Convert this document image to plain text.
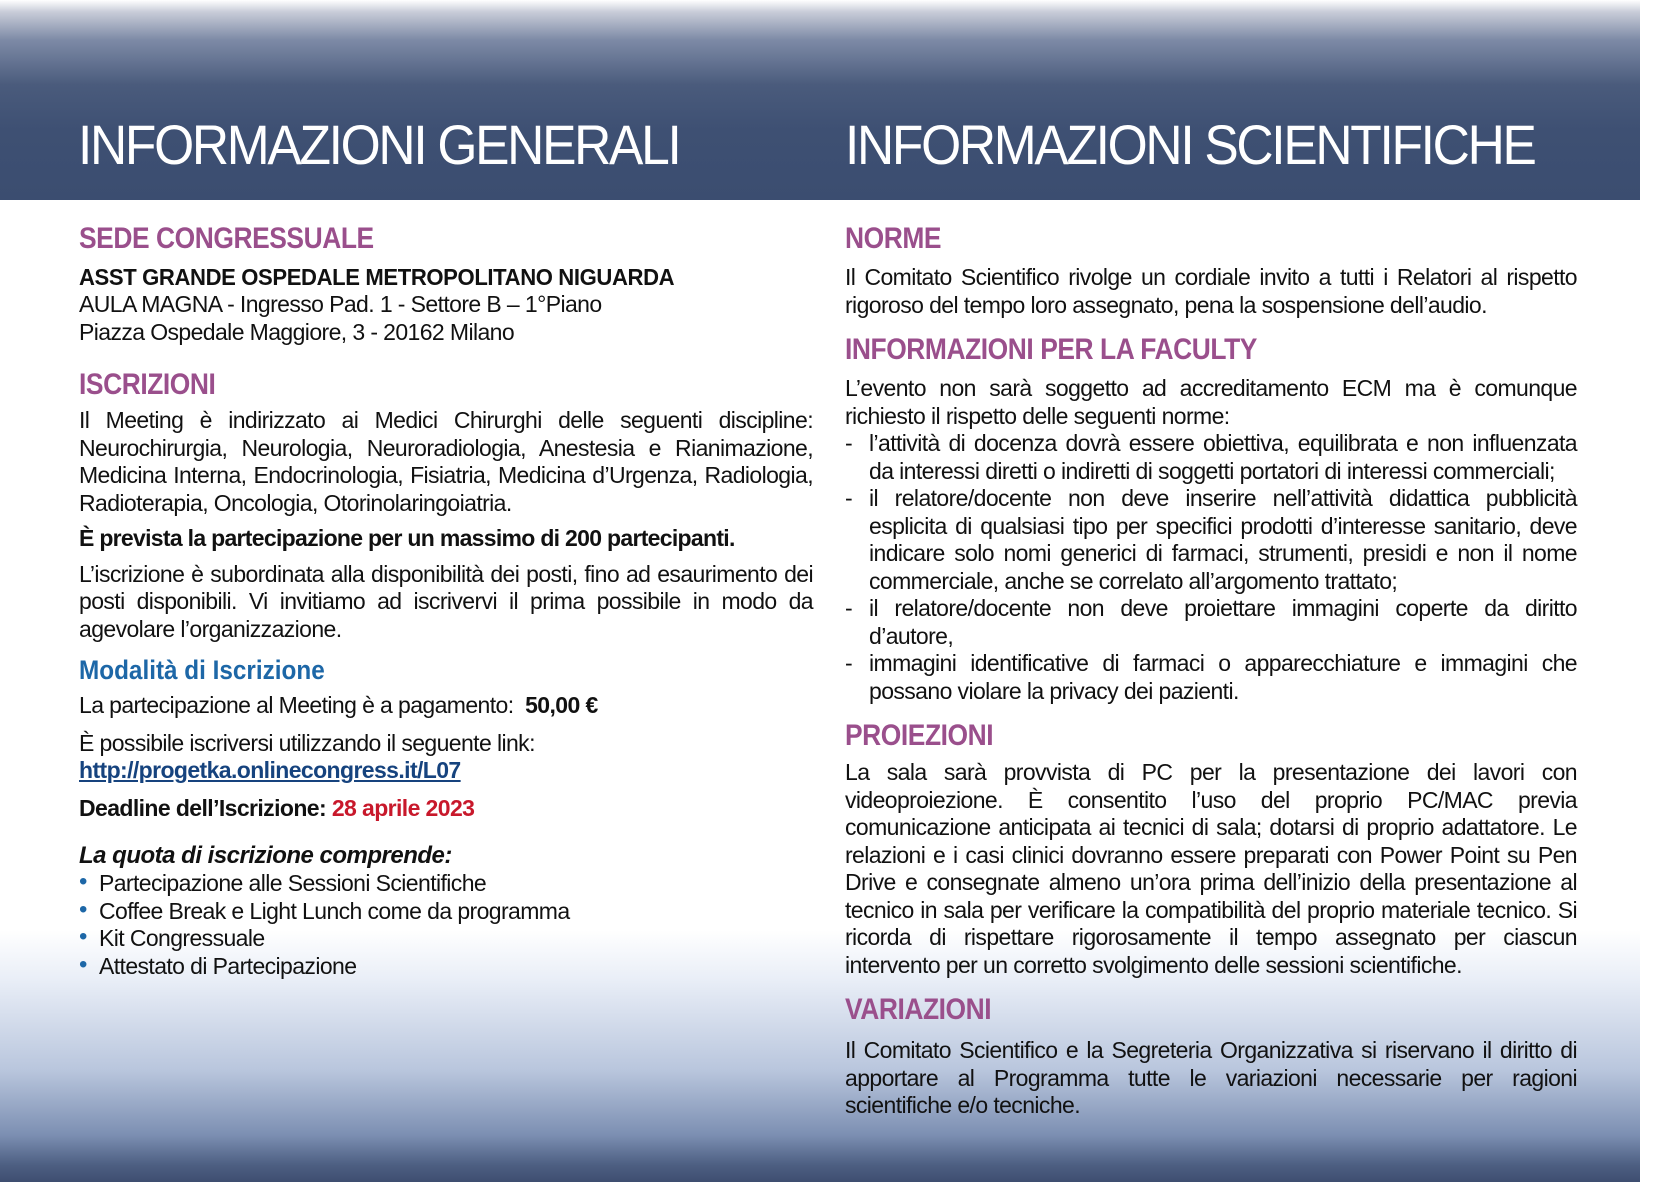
INFORMAZIONI GENERALI	INFORMAZIONI SCIENTIFICHE
SEDE CONGRESSUALE
ASST GRANDE OSPEDALE METROPOLITANO NIGUARDA
AULA MAGNA - Ingresso Pad. 1 - Settore B – 1°Piano
Piazza Ospedale Maggiore, 3 - 20162 Milano
ISCRIZIONI

Il Meeting è indirizzato ai Medici Chirurghi delle seguenti discipline: Neurochirurgia, Neurologia, Neuroradiologia, Anestesia e Rianimazione, Medicina Interna, Endocrinologia, Fisiatria, Medicina d’Urgenza, Radiologia, Radioterapia, Oncologia, Otorinolaringoiatria.

È prevista la partecipazione per un massimo di 200 partecipanti.

L’iscrizione è subordinata alla disponibilità dei posti, fino ad esaurimento dei posti disponibili. Vi invitiamo ad iscrivervi il prima possibile in modo da agevolare l’organizzazione.

Modalità di Iscrizione
La partecipazione al Meeting è a pagamento: 50,00 €
È possibile iscriversi utilizzando il seguente link:
http://progetka.onlinecongress.it/L07
Deadline dell’Iscrizione: 28 aprile 2023
La quota di iscrizione comprende:
• Partecipazione alle Sessioni Scientifiche
• Coffee Break e Light Lunch come da programma
• Kit Congressuale
• Attestato di Partecipazione
NORME

Il Comitato Scientifico rivolge un cordiale invito a tutti i Relatori al rispetto rigoroso del tempo loro assegnato, pena la sospensione dell’audio.

INFORMAZIONI PER LA FACULTY

L’evento non sarà soggetto ad accreditamento ECM ma è comunque richiesto il rispetto delle seguenti norme:

- l’attività di docenza dovrà essere obiettiva, equilibrata e non influenzata da interessi diretti o indiretti di soggetti portatori di interessi commerciali;
- il relatore/docente non deve inserire nell’attività didattica pubblicità esplicita di qualsiasi tipo per specifici prodotti d’interesse sanitario, deve indicare solo nomi generici di farmaci, strumenti, presidi e non il nome commerciale, anche se correlato all’argomento trattato;
- il relatore/docente non deve proiettare immagini coperte da diritto d’autore,
- immagini identificative di farmaci o apparecchiature e immagini che possano violare la privacy dei pazienti.
PROIEZIONI

La sala sarà provvista di PC per la presentazione dei lavori con videoproiezione. È consentito l’uso del proprio PC/MAC previa comunicazione anticipata ai tecnici di sala; dotarsi di proprio adattatore. Le relazioni e i casi clinici dovranno essere preparati con Power Point su Pen Drive e consegnate almeno un’ora prima dell’inizio della presentazione al tecnico in sala per verificare la compatibilità del proprio materiale tecnico. Si ricorda di rispettare rigorosamente il tempo assegnato per ciascun intervento per un corretto svolgimento delle sessioni scientifiche.

VARIAZIONI

Il Comitato Scientifico e la Segreteria Organizzativa si riservano il diritto di apportare al Programma tutte le variazioni necessarie per ragioni scientifiche e/o tecniche.
